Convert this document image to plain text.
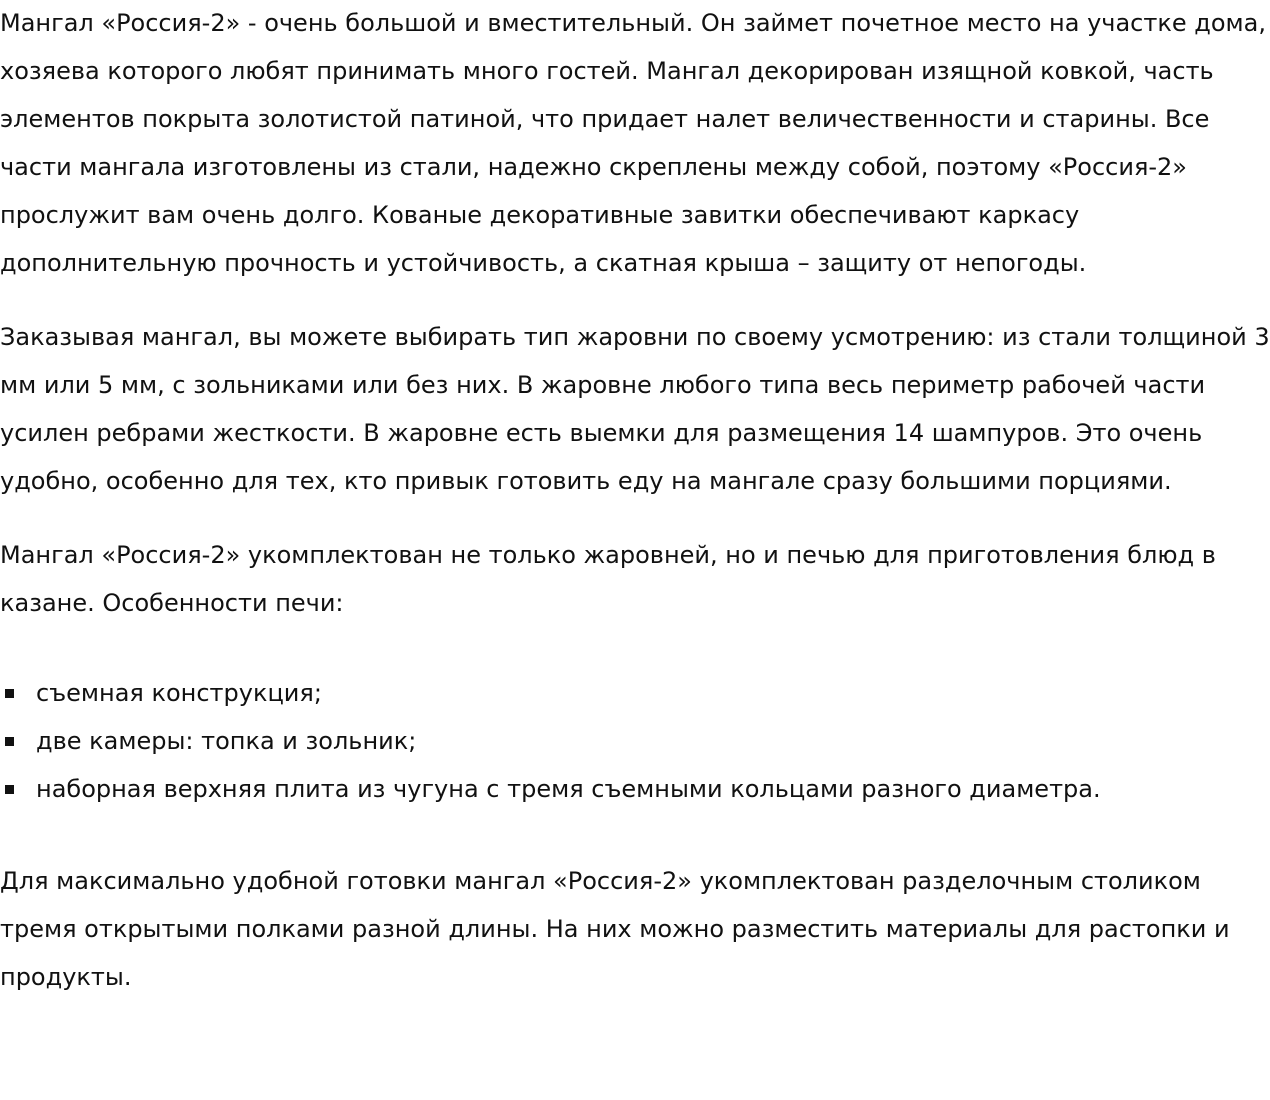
Мангал «Россия-2» - очень большой и вместительный. Он займет почетное место на участке дома, хозяева которого любят принимать много гостей. Мангал декорирован изящной ковкой, часть элементов покрыта золотистой патиной, что придает налет величественности и старины. Все части мангала изготовлены из стали, надежно скреплены между собой, поэтому «Россия-2» прослужит вам очень долго. Кованые декоративные завитки обеспечивают каркасу дополнительную прочность и устойчивость, а скатная крыша – защиту от непогоды.

Заказывая мангал, вы можете выбирать тип жаровни по своему усмотрению: из стали толщиной 3 мм или 5 мм, с зольниками или без них. В жаровне любого типа весь периметр рабочей части усилен ребрами жесткости. В жаровне есть выемки для размещения 14 шампуров. Это очень удобно, особенно для тех, кто привык готовить еду на мангале сразу большими порциями.

Мангал «Россия-2» укомплектован не только жаровней, но и печью для приготовления блюд в казане. Особенности печи:

съемная конструкция;
две камеры: топка и зольник;
наборная верхняя плита из чугуна с тремя съемными кольцами разного диаметра.

Для максимально удобной готовки мангал «Россия-2» укомплектован разделочным столиком тремя открытыми полками разной длины. На них можно разместить материалы для растопки и продукты.
